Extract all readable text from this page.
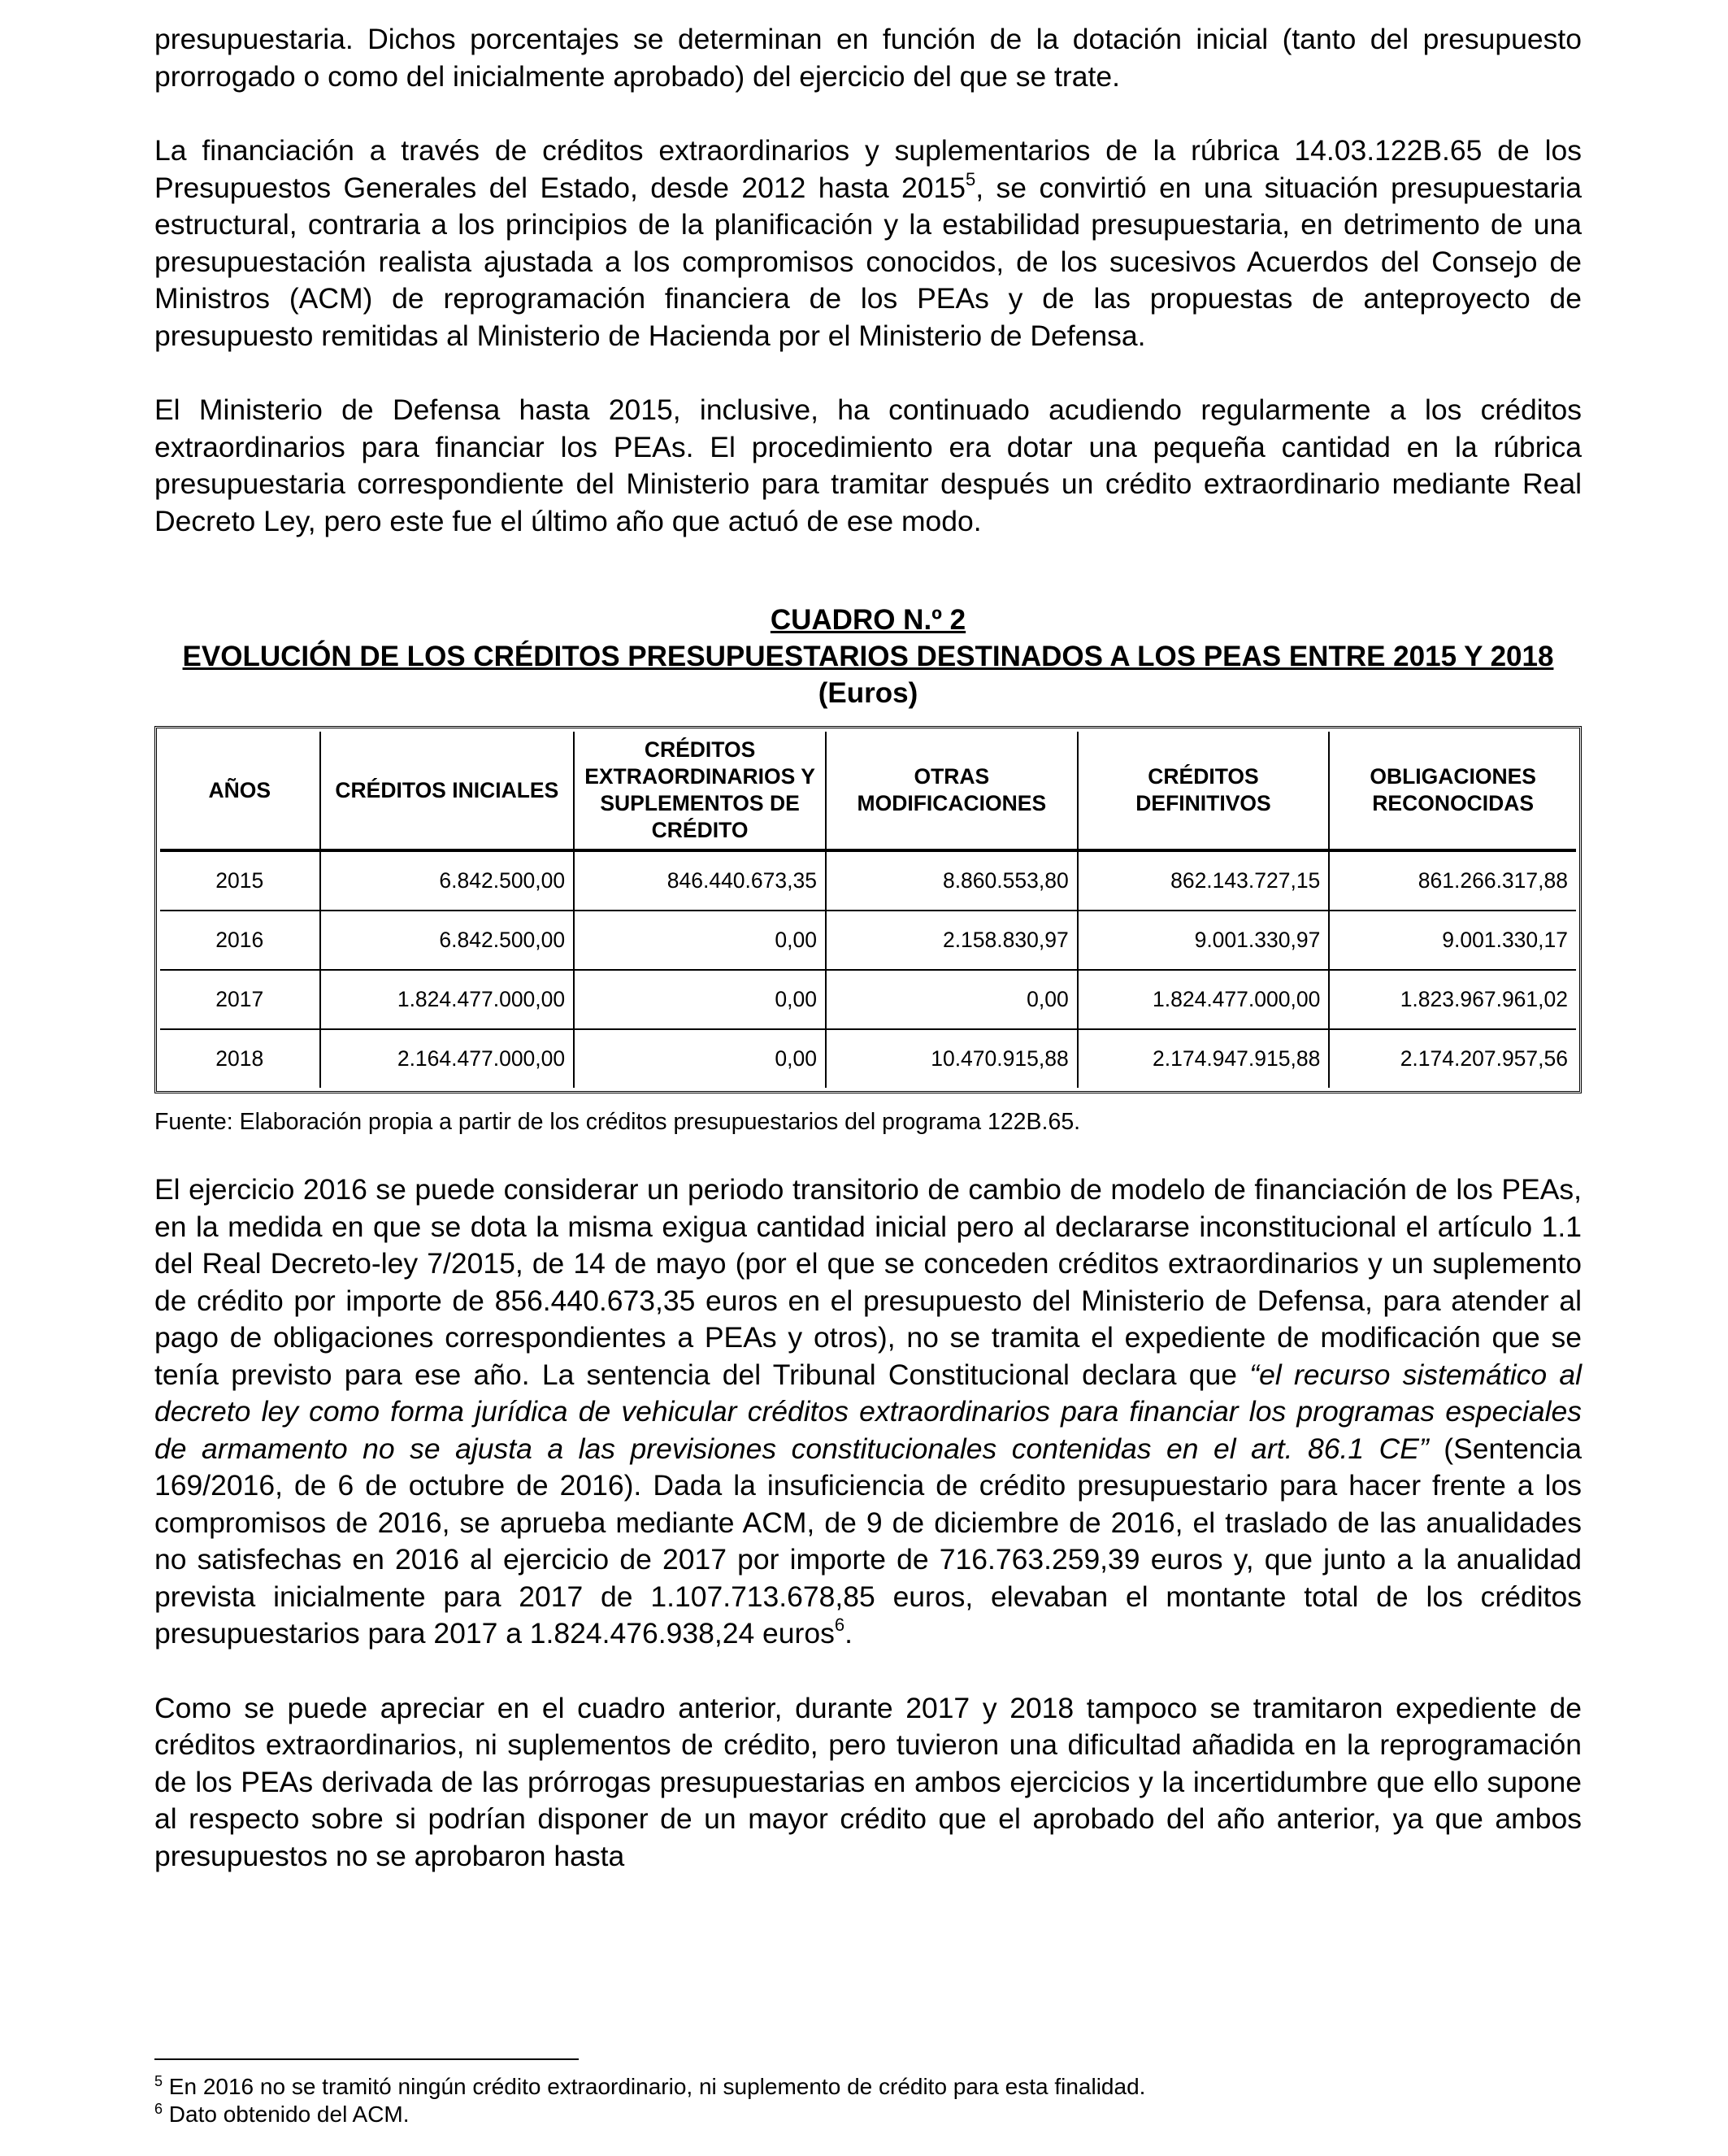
presupuestaria. Dichos porcentajes se determinan en función de la dotación inicial (tanto del presupuesto prorrogado o como del inicialmente aprobado) del ejercicio del que se trate.

La financiación a través de créditos extraordinarios y suplementarios de la rúbrica 14.03.122B.65 de los Presupuestos Generales del Estado, desde 2012 hasta 2015$^5$, se convirtió en una situación presupuestaria estructural, contraria a los principios de la planificación y la estabilidad presupuestaria, en detrimento de una presupuestación realista ajustada a los compromisos conocidos, de los sucesivos Acuerdos del Consejo de Ministros (ACM) de reprogramación financiera de los PEAs y de las propuestas de anteproyecto de presupuesto remitidas al Ministerio de Hacienda por el Ministerio de Defensa.

El Ministerio de Defensa hasta 2015, inclusive, ha continuado acudiendo regularmente a los créditos extraordinarios para financiar los PEAs. El procedimiento era dotar una pequeña cantidad en la rúbrica presupuestaria correspondiente del Ministerio para tramitar después un crédito extraordinario mediante Real Decreto Ley, pero este fue el último año que actuó de ese modo.

CUADRO N.º 2
EVOLUCIÓN DE LOS CRÉDITOS PRESUPUESTARIOS DESTINADOS A LOS PEAS ENTRE 2015 Y 2018
(Euros)
AÑOS	CRÉDITOS INICIALES	CRÉDITOS EXTRAORDINARIOS Y SUPLEMENTOS DE CRÉDITO	OTRAS MODIFICACIONES	CRÉDITOS DEFINITIVOS	OBLIGACIONES RECONOCIDAS
2015	6.842.500,00	846.440.673,35	8.860.553,80	862.143.727,15	861.266.317,88
2016	6.842.500,00	0,00	2.158.830,97	9.001.330,97	9.001.330,17
2017	1.824.477.000,00	0,00	0,00	1.824.477.000,00	1.823.967.961,02
2018	2.164.477.000,00	0,00	10.470.915,88	2.174.947.915,88	2.174.207.957,56
Fuente: Elaboración propia a partir de los créditos presupuestarios del programa 122B.65.

El ejercicio 2016 se puede considerar un periodo transitorio de cambio de modelo de financiación de los PEAs, en la medida en que se dota la misma exigua cantidad inicial pero al declararse inconstitucional el artículo 1.1 del Real Decreto-ley 7/2015, de 14 de mayo (por el que se conceden créditos extraordinarios y un suplemento de crédito por importe de 856.440.673,35 euros en el presupuesto del Ministerio de Defensa, para atender al pago de obligaciones correspondientes a PEAs y otros), no se tramita el expediente de modificación que se tenía previsto para ese año. La sentencia del Tribunal Constitucional declara que “el recurso sistemático al decreto ley como forma jurídica de vehicular créditos extraordinarios para financiar los programas especiales de armamento no se ajusta a las previsiones constitucionales contenidas en el art. 86.1 CE” (Sentencia 169/2016, de 6 de octubre de 2016). Dada la insuficiencia de crédito presupuestario para hacer frente a los compromisos de 2016, se aprueba mediante ACM, de 9 de diciembre de 2016, el traslado de las anualidades no satisfechas en 2016 al ejercicio de 2017 por importe de 716.763.259,39 euros y, que junto a la anualidad prevista inicialmente para 2017 de 1.107.713.678,85 euros, elevaban el montante total de los créditos presupuestarios para 2017 a 1.824.476.938,24 euros$^6$.

Como se puede apreciar en el cuadro anterior, durante 2017 y 2018 tampoco se tramitaron expediente de créditos extraordinarios, ni suplementos de crédito, pero tuvieron una dificultad añadida en la reprogramación de los PEAs derivada de las prórrogas presupuestarias en ambos ejercicios y la incertidumbre que ello supone al respecto sobre si podrían disponer de un mayor crédito que el aprobado del año anterior, ya que ambos presupuestos no se aprobaron hasta

$^5$ En 2016 no se tramitó ningún crédito extraordinario, ni suplemento de crédito para esta finalidad.
$^6$ Dato obtenido del ACM.
